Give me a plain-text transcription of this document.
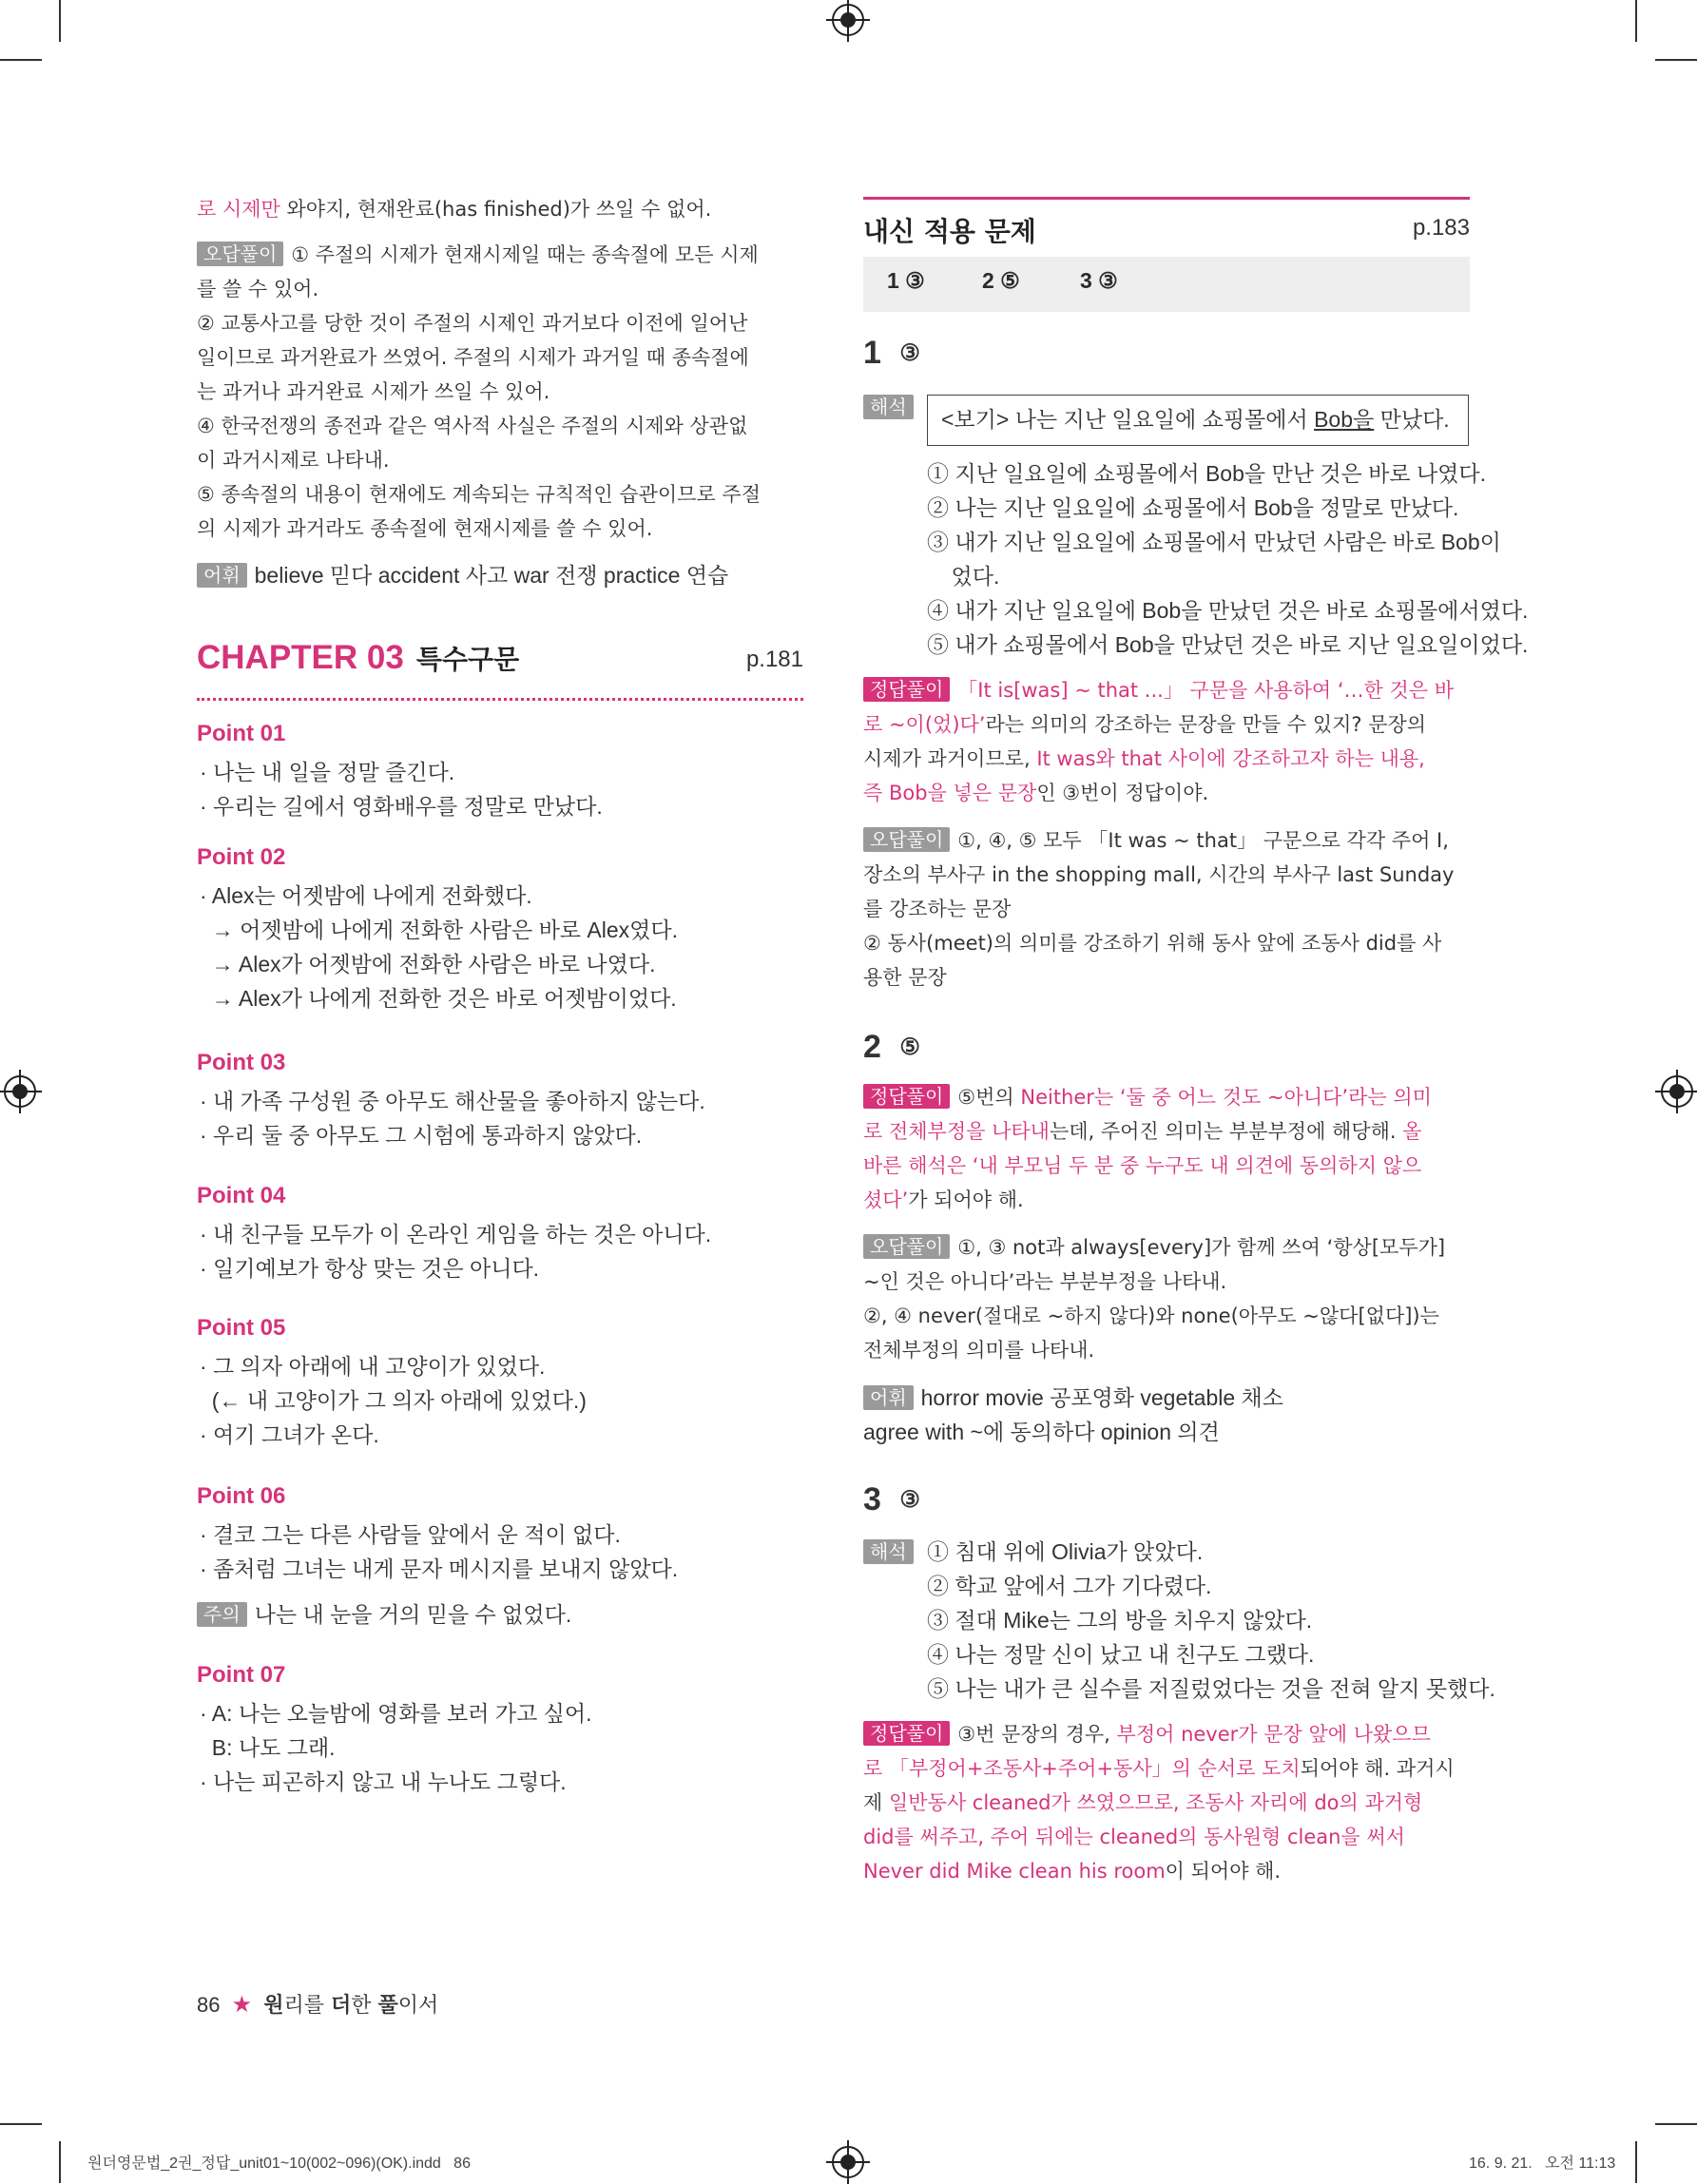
로 시제만 와야지, 현재완료(has finished)가 쓰일 수 없어.
오답풀이 ① 주절의 시제가 현재시제일 때는 종속절에 모든 시제
를 쓸 수 있어.
② 교통사고를 당한 것이 주절의 시제인 과거보다 이전에 일어난
일이므로 과거완료가 쓰였어. 주절의 시제가 과거일 때 종속절에
는 과거나 과거완료 시제가 쓰일 수 있어.
④ 한국전쟁의 종전과 같은 역사적 사실은 주절의 시제와 상관없
이 과거시제로 나타내.
⑤ 종속절의 내용이 현재에도 계속되는 규칙적인 습관이므로 주절
의 시제가 과거라도 종속절에 현재시제를 쓸 수 있어.
어휘 believe 믿다 accident 사고 war 전쟁 practice 연습
CHAPTER 03 특수구문	p.181
Point 01
· 나는 내 일을 정말 즐긴다.
· 우리는 길에서 영화배우를 정말로 만났다.
Point 02
· Alex는 어젯밤에 나에게 전화했다.
→ 어젯밤에 나에게 전화한 사람은 바로 Alex였다.
→ Alex가 어젯밤에 전화한 사람은 바로 나였다.
→ Alex가 나에게 전화한 것은 바로 어젯밤이었다.
Point 03
· 내 가족 구성원 중 아무도 해산물을 좋아하지 않는다.
· 우리 둘 중 아무도 그 시험에 통과하지 않았다.
Point 04
· 내 친구들 모두가 이 온라인 게임을 하는 것은 아니다.
· 일기예보가 항상 맞는 것은 아니다.
Point 05
· 그 의자 아래에 내 고양이가 있었다.
(← 내 고양이가 그 의자 아래에 있었다.)
· 여기 그녀가 온다.
Point 06
· 결코 그는 다른 사람들 앞에서 운 적이 없다.
· 좀처럼 그녀는 내게 문자 메시지를 보내지 않았다.
Point 07
· A: 나는 오늘밤에 영화를 보러 가고 싶어.
B: 나도 그래.
· 나는 피곤하지 않고 내 누나도 그렇다.
주의 나는 내 눈을 거의 믿을 수 없었다.
내신 적용 문제	p.183
1 ③	2 ⑤	3 ③
1 ③
해석	<보기> 나는 지난 일요일에 쇼핑몰에서 Bob을 만났다.
① 지난 일요일에 쇼핑몰에서 Bob을 만난 것은 바로 나였다.
② 나는 지난 일요일에 쇼핑몰에서 Bob을 정말로 만났다.
③ 내가 지난 일요일에 쇼핑몰에서 만났던 사람은 바로 Bob이
었다.
④ 내가 지난 일요일에 Bob을 만났던 것은 바로 쇼핑몰에서였다.
⑤ 내가 쇼핑몰에서 Bob을 만났던 것은 바로 지난 일요일이었다.
정답풀이 「It is[was] ~ that ...」 구문을 사용하여 ‘…한 것은 바
로 ~이(었)다’라는 의미의 강조하는 문장을 만들 수 있지? 문장의
시제가 과거이므로, It was와 that 사이에 강조하고자 하는 내용,
즉 Bob을 넣은 문장인 ③번이 정답이야.
오답풀이 ①, ④, ⑤ 모두 「It was ~ that」 구문으로 각각 주어 I,
장소의 부사구 in the shopping mall, 시간의 부사구 last Sunday
를 강조하는 문장
② 동사(meet)의 의미를 강조하기 위해 동사 앞에 조동사 did를 사
용한 문장
2 ⑤
정답풀이 ⑤번의 Neither는 ‘둘 중 어느 것도 ~아니다’라는 의미
로 전체부정을 나타내는데, 주어진 의미는 부분부정에 해당해. 올
바른 해석은 ‘내 부모님 두 분 중 누구도 내 의견에 동의하지 않으
셨다’가 되어야 해.
오답풀이 ①, ③ not과 always[every]가 함께 쓰여 ‘항상[모두가]
~인 것은 아니다’라는 부분부정을 나타내.
②, ④ never(절대로 ~하지 않다)와 none(아무도 ~않다[없다])는
전체부정의 의미를 나타내.
어휘 horror movie 공포영화 vegetable 채소
agree with ~에 동의하다 opinion 의견
3 ③
해석 ① 침대 위에 Olivia가 앉았다.
② 학교 앞에서 그가 기다렸다.
③ 절대 Mike는 그의 방을 치우지 않았다.
④ 나는 정말 신이 났고 내 친구도 그랬다.
⑤ 나는 내가 큰 실수를 저질렀었다는 것을 전혀 알지 못했다.
정답풀이 ③번 문장의 경우, 부정어 never가 문장 앞에 나왔으므
로 「부정어+조동사+주어+동사」의 순서로 도치되어야 해. 과거시
제 일반동사 cleaned가 쓰였으므로, 조동사 자리에 do의 과거형
did를 써주고, 주어 뒤에는 cleaned의 동사원형 clean을 써서
Never did Mike clean his room이 되어야 해.
86 ★ 원리를 더한 풀이서
원더영문법_2권_정답_unit01~10(002~096)(OK).indd   86	16. 9. 21.   오전 11:13
